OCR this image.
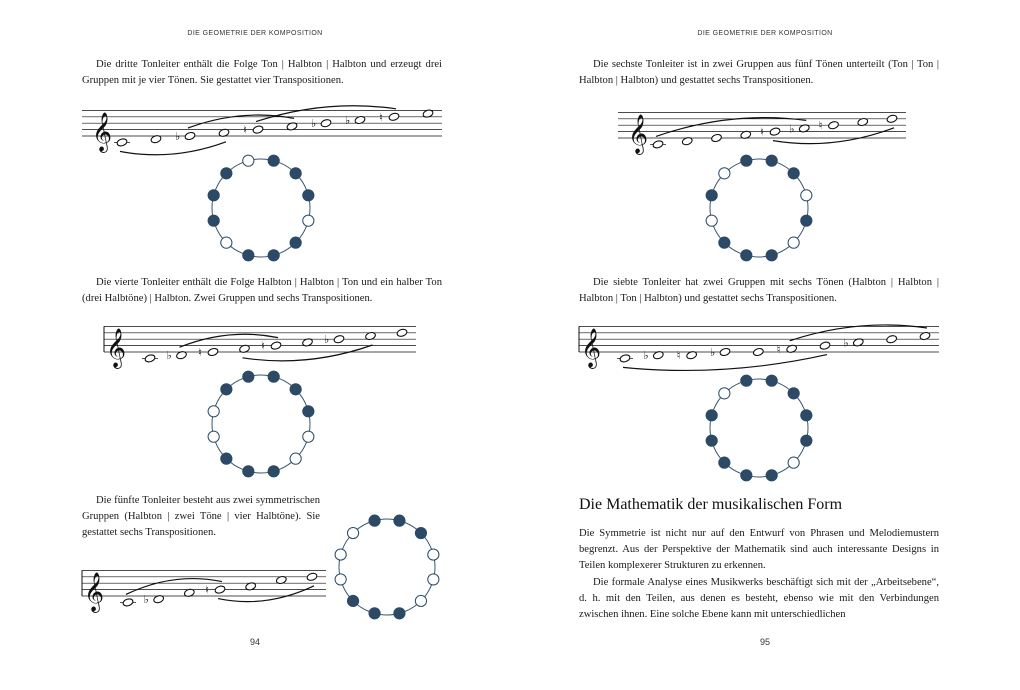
DIE GEOMETRIE DER KOMPOSITION

Die dritte Tonleiter enthält die Folge Ton | Halbton | Halbton und erzeugt drei Gruppen mit je vier Tönen. Sie gestattet vier Transpositionen.

𝄞	♭	♮	♭	♭	♮

Die vierte Tonleiter enthält die Folge Halbton | Halbton | Ton und ein halber Ton (drei Halbtöne) | Halbton. Zwei Gruppen und sechs Transpositionen.

𝄞	♭ ♮	♮	♭

Die fünfte Tonleiter besteht aus zwei symmetrischen Gruppen (Halbton | zwei Töne | vier Halbtöne). Sie gestattet sechs Transpositionen.

𝄞	♭
♮
94
DIE GEOMETRIE DER KOMPOSITION

Die sechste Tonleiter ist in zwei Gruppen aus fünf Tönen unterteilt (Ton | Ton | Halbton | Halbton) und gestattet sechs Transpositionen.

𝄞	♮ ♭ ♮

Die siebte Tonleiter hat zwei Gruppen mit sechs Tönen (Halbton | Halbton | Halbton | Ton | Halbton) und gestattet sechs Transpositionen.

𝄞	♭	♮	♭	♮	♭
Die Mathematik der musikalischen Form

Die Symmetrie ist nicht nur auf den Entwurf von Phrasen und Melodiemustern begrenzt. Aus der Perspektive der Mathematik sind auch interessante Designs in Teilen komplexerer Strukturen zu erkennen.

Die formale Analyse eines Musikwerks beschäftigt sich mit der „Arbeitsebene“, d. h. mit den Teilen, aus denen es besteht, ebenso wie mit den Verbindungen zwischen ihnen. Eine solche Ebene kann mit unterschiedlichen

95
